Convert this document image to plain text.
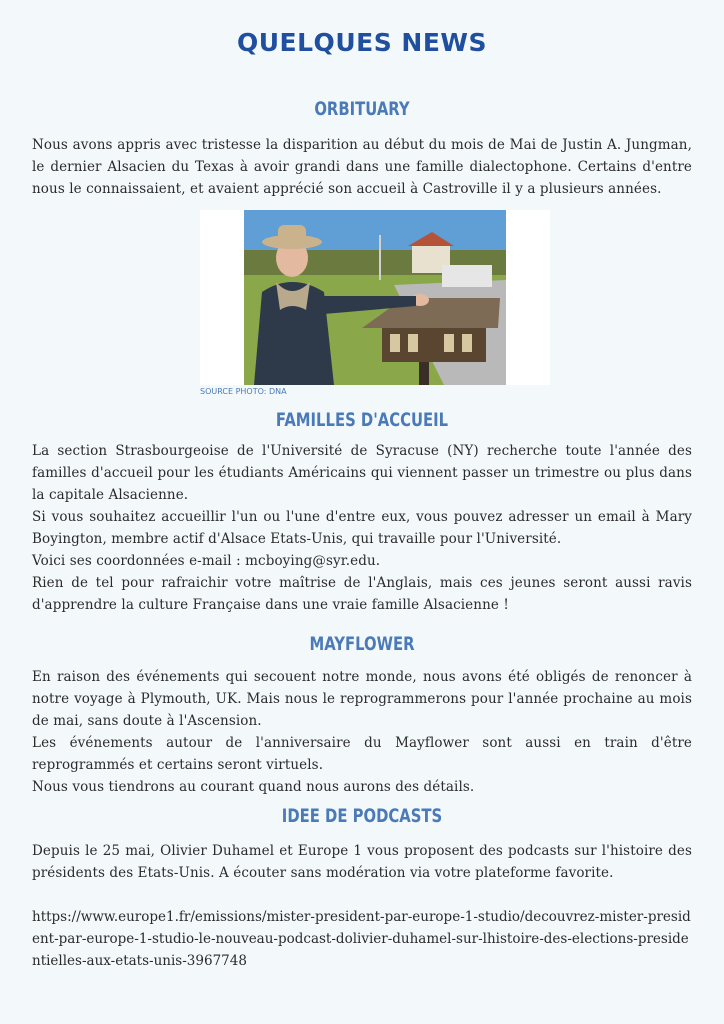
QUELQUES NEWS
ORBITUARY

Nous avons appris avec tristesse la disparition au début du mois de Mai de Justin A. Jungman, le dernier Alsacien du Texas à avoir grandi dans une famille dialectophone. Certains d'entre nous le connaissaient, et avaient apprécié son accueil à Castroville il y a plusieurs années.

SOURCE PHOTO: DNA
FAMILLES D'ACCUEIL

La section Strasbourgeoise de l'Université de Syracuse (NY) recherche toute l'année des familles d'accueil pour les étudiants Américains qui viennent passer un trimestre ou plus dans la capitale Alsacienne.

Si vous souhaitez accueillir l'un ou l'une d'entre eux, vous pouvez adresser un email à Mary Boyington, membre actif d'Alsace Etats-Unis, qui travaille pour l'Université.

Voici ses coordonnées e-mail : mcboying@syr.edu.

Rien de tel pour rafraichir votre maîtrise de l'Anglais, mais ces jeunes seront aussi ravis d'apprendre la culture Française dans une vraie famille Alsacienne !

MAYFLOWER

En raison des événements qui secouent notre monde, nous avons été obligés de renoncer à notre voyage à Plymouth, UK. Mais nous le reprogrammerons pour l'année prochaine au mois de mai, sans doute à l'Ascension.

Les événements autour de l'anniversaire du Mayflower sont aussi en train d'être reprogrammés et certains seront virtuels.

Nous vous tiendrons au courant quand nous aurons des détails.

IDEE DE PODCASTS

Depuis le 25 mai, Olivier Duhamel et Europe 1 vous proposent des podcasts sur l'histoire des présidents des Etats-Unis. A écouter sans modération via votre plateforme favorite.

https://www.europe1.fr/emissions/mister-president-par-europe-1-studio/decouvrez-mister-president-par-europe-1-studio-le-nouveau-podcast-dolivier-duhamel-sur-lhistoire-des-elections-presidentielles-aux-etats-unis-3967748
